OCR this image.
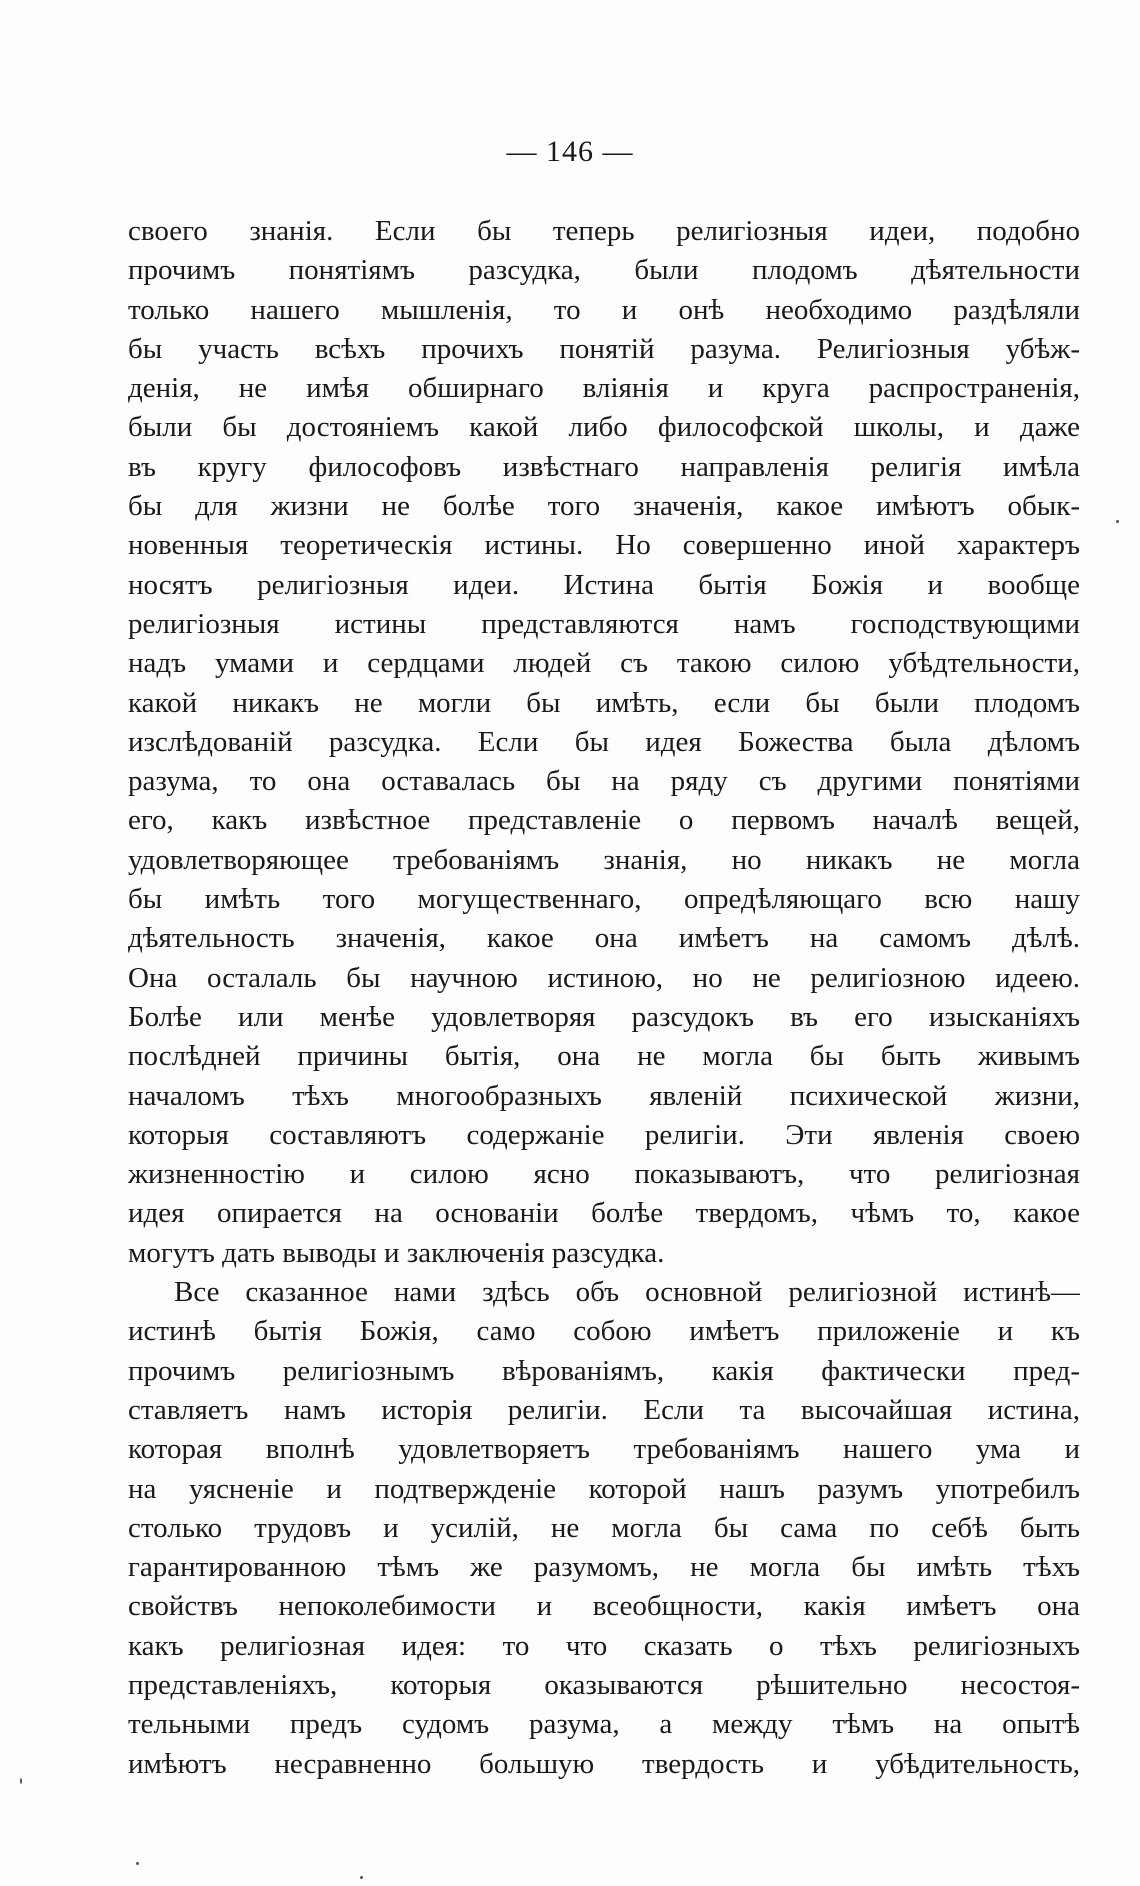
— 146 —
своего знанія. Если бы теперь религіозныя идеи, подобно
прочимъ понятіямъ разсудка, были плодомъ дѣятельности
только нашего мышленія, то и онѣ необходимо раздѣляли
бы участь всѣхъ прочихъ понятій разума. Религіозныя убѣж-
денія, не имѣя обширнаго вліянія и круга распространенія,
были бы достояніемъ какой либо философской школы, и даже
въ кругу философовъ извѣстнаго направленія религія имѣла
бы для жизни не болѣе того значенія, какое имѣютъ обык-
новенныя теоретическія истины. Но совершенно иной характеръ
носятъ религіозныя идеи. Истина бытія Божія и вообще
религіозныя истины представляются намъ господствующими
надъ умами и сердцами людей съ такою силою убѣдтельности,
какой никакъ не могли бы имѣть, если бы были плодомъ
изслѣдованій разсудка. Если бы идея Божества была дѣломъ
разума, то она оставалась бы на ряду съ другими понятіями
его, какъ извѣстное представленіе о первомъ началѣ вещей,
удовлетворяющее требованіямъ знанія, но никакъ не могла
бы имѣть того могущественнаго, опредѣляющаго всю нашу
дѣятельность значенія, какое она имѣетъ на самомъ дѣлѣ.
Она осталаль бы научною истиною, но не религіозною идеею.
Болѣе или менѣе удовлетворяя разсудокъ въ его изысканіяхъ
послѣдней причины бытія, она не могла бы быть живымъ
началомъ тѣхъ многообразныхъ явленій психической жизни,
которыя составляютъ содержаніе религіи. Эти явленія своею
жизненностію и силою ясно показываютъ, что религіозная
идея опирается на основаніи болѣе твердомъ, чѣмъ то, какое
могутъ дать выводы и заключенія разсудка.
Все сказанное нами здѣсь объ основной религіозной истинѣ—
истинѣ бытія Божія, само собою имѣетъ приложеніе и къ
прочимъ религіознымъ вѣрованіямъ, какія фактически пред-
ставляетъ намъ исторія религіи. Если та высочайшая истина,
которая вполнѣ удовлетворяетъ требованіямъ нашего ума и
на уясненіе и подтвержденіе которой нашъ разумъ употребилъ
столько трудовъ и усилій, не могла бы сама по себѣ быть
гарантированною тѣмъ же разумомъ, не могла бы имѣть тѣхъ
свойствъ непоколебимости и всеобщности, какія имѣетъ она
какъ религіозная идея: то что сказать о тѣхъ религіозныхъ
представленіяхъ, которыя оказываются рѣшительно несостоя-
тельными предъ судомъ разума, а между тѣмъ на опытѣ
имѣютъ несравненно большую твердость и убѣдительность,
